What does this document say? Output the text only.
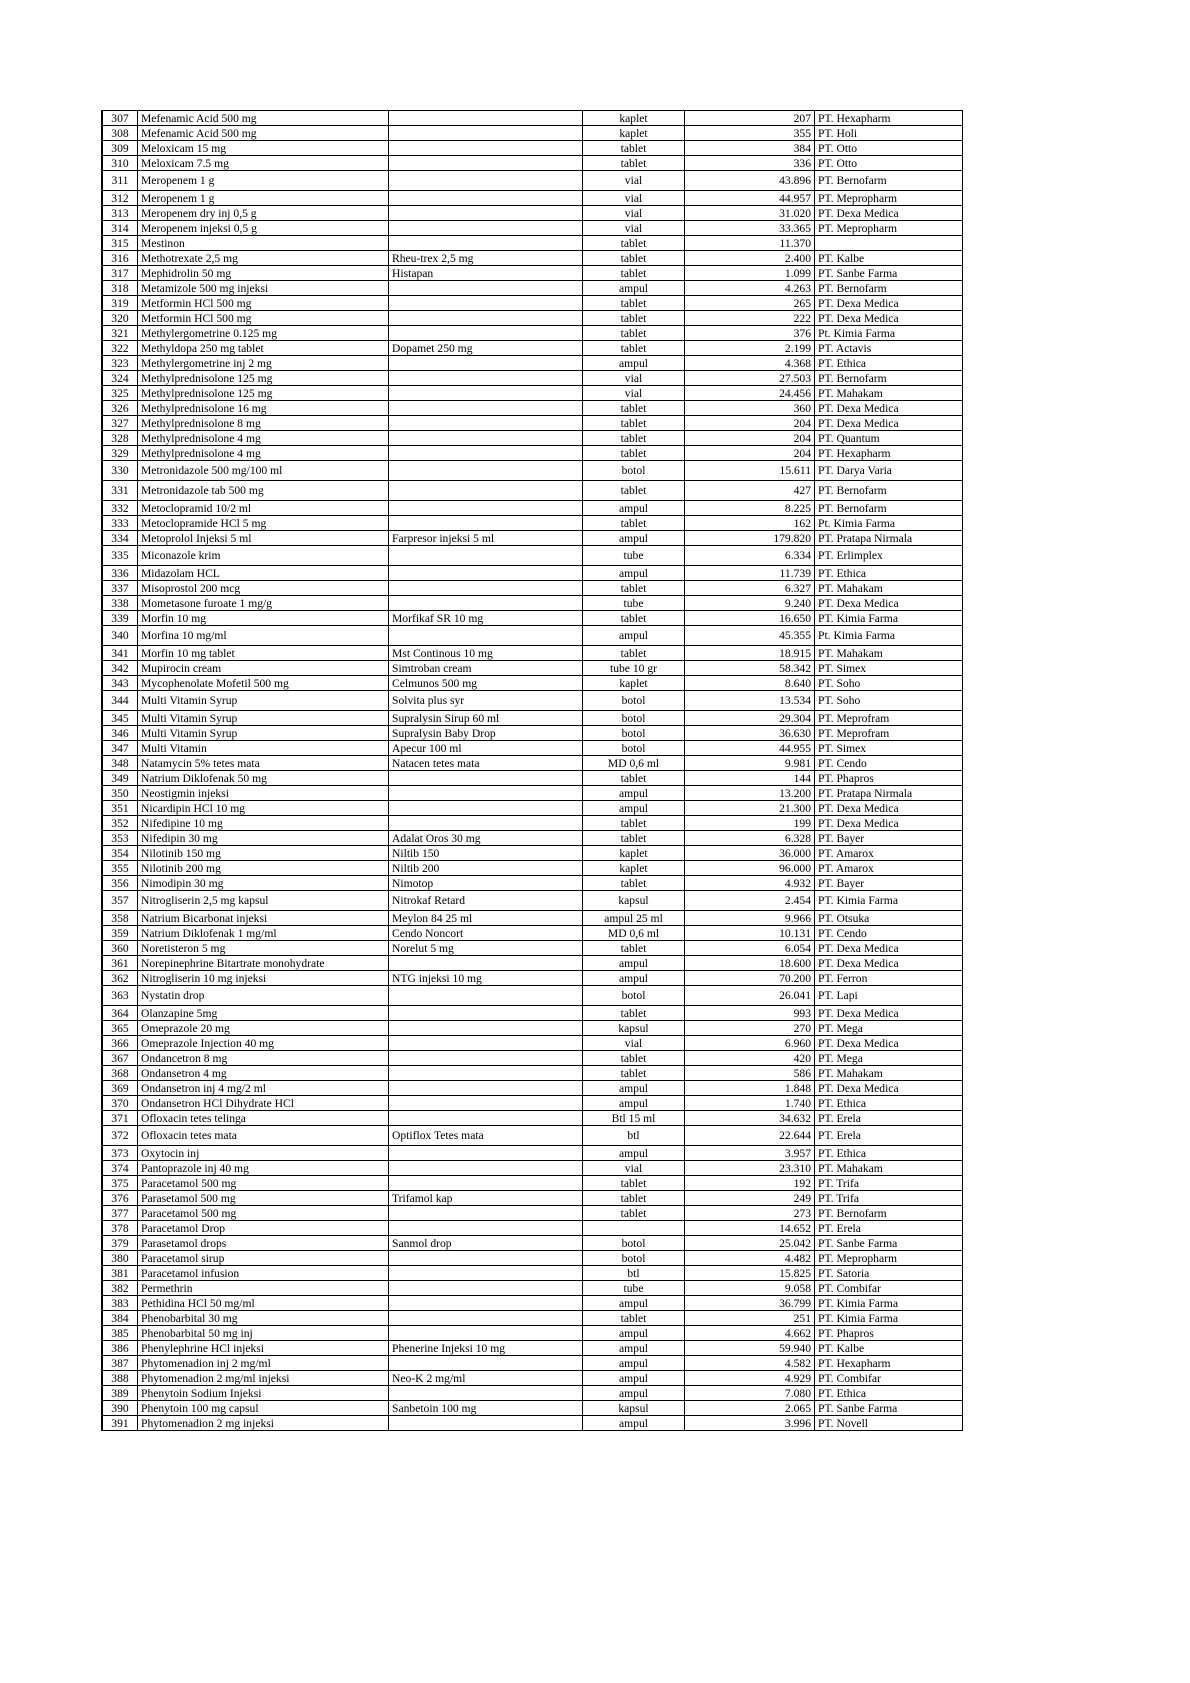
307	Mefenamic Acid 500 mg		kaplet	207	PT. Hexapharm
308	Mefenamic Acid 500 mg		kaplet	355	PT. Holi
309	Meloxicam 15 mg		tablet	384	PT. Otto
310	Meloxicam 7.5 mg		tablet	336	PT. Otto
311	Meropenem 1 g		vial	43.896	PT. Bernofarm
312	Meropenem 1 g		vial	44.957	PT. Mepropharm
313	Meropenem dry inj 0,5 g		vial	31.020	PT. Dexa Medica
314	Meropenem injeksi 0,5 g		vial	33.365	PT. Mepropharm
315	Mestinon		tablet	11.370	
316	Methotrexate 2,5 mg	Rheu-trex 2,5 mg	tablet	2.400	PT. Kalbe
317	Mephidrolin 50 mg	Histapan	tablet	1.099	PT. Sanbe Farma
318	Metamizole 500 mg injeksi		ampul	4.263	PT. Bernofarm
319	Metformin HCl 500 mg		tablet	265	PT. Dexa Medica
320	Metformin HCl 500 mg		tablet	222	PT. Dexa Medica
321	Methylergometrine 0.125 mg		tablet	376	Pt. Kimia Farma
322	Methyldopa 250 mg tablet	Dopamet 250 mg	tablet	2.199	PT. Actavis
323	Methylergometrine inj 2 mg		ampul	4.368	PT. Ethica
324	Methylprednisolone 125 mg		vial	27.503	PT. Bernofarm
325	Methylprednisolone 125 mg		vial	24.456	PT. Mahakam
326	Methylprednisolone 16 mg		tablet	360	PT. Dexa Medica
327	Methylprednisolone 8 mg		tablet	204	PT. Dexa Medica
328	Methylprednisolone 4 mg		tablet	204	PT. Quantum
329	Methylprednisolone 4 mg		tablet	204	PT. Hexapharm
330	Metronidazole 500 mg/100 ml		botol	15.611	PT. Darya Varia
331	Metronidazole tab 500 mg		tablet	427	PT. Bernofarm
332	Metoclopramid 10/2 ml		ampul	8.225	PT. Bernofarm
333	Metoclopramide HCl 5 mg		tablet	162	Pt. Kimia Farma
334	Metoprolol Injeksi 5 ml	Farpresor injeksi 5 ml	ampul	179.820	PT. Pratapa Nirmala
335	Miconazole krim		tube	6.334	PT. Erlimplex
336	Midazolam HCL		ampul	11.739	PT. Ethica
337	Misoprostol 200 mcg		tablet	6.327	PT. Mahakam
338	Mometasone furoate 1 mg/g		tube	9.240	PT. Dexa Medica
339	Morfin 10 mg	Morfikaf SR 10 mg	tablet	16.650	PT. Kimia Farma
340	Morfina 10 mg/ml		ampul	45.355	Pt. Kimia Farma
341	Morfin 10 mg tablet	Mst Continous 10 mg	tablet	18.915	PT. Mahakam
342	Mupirocin cream	Simtroban cream	tube 10 gr	58.342	PT. Simex
343	Mycophenolate Mofetil 500 mg	Celmunos 500 mg	kaplet	8.640	PT. Soho
344	Multi Vitamin Syrup	Solvita plus syr	botol	13.534	PT. Soho
345	Multi Vitamin Syrup	Supralysin Sirup 60 ml	botol	29.304	PT. Meprofram
346	Multi Vitamin Syrup	Supralysin Baby Drop	botol	36.630	PT. Meprofram
347	Multi Vitamin	Apecur 100 ml	botol	44.955	PT. Simex
348	Natamycin 5% tetes mata	Natacen tetes mata	MD 0,6 ml	9.981	PT. Cendo
349	Natrium Diklofenak 50 mg		tablet	144	PT. Phapros
350	Neostigmin injeksi		ampul	13.200	PT. Pratapa Nirmala
351	Nicardipin HCl 10 mg		ampul	21.300	PT. Dexa Medica
352	Nifedipine 10 mg		tablet	199	PT. Dexa Medica
353	Nifedipin 30 mg	Adalat Oros 30 mg	tablet	6.328	PT. Bayer
354	Nilotinib 150 mg	Niltib 150	kaplet	36.000	PT. Amarox
355	Nilotinib 200 mg	Niltib 200	kaplet	96.000	PT. Amarox
356	Nimodipin 30 mg	Nimotop	tablet	4.932	PT. Bayer
357	Nitrogliserin 2,5 mg kapsul	Nitrokaf Retard	kapsul	2.454	PT. Kimia Farma
358	Natrium Bicarbonat injeksi	Meylon 84 25 ml	ampul 25 ml	9.966	PT. Otsuka
359	Natrium Diklofenak 1 mg/ml	Cendo Noncort	MD 0,6 ml	10.131	PT. Cendo
360	Noretisteron 5 mg	Norelut 5 mg	tablet	6.054	PT. Dexa Medica
361	Norepinephrine Bitartrate monohydrate		ampul	18.600	PT. Dexa Medica
362	Nitrogliserin 10 mg injeksi	NTG injeksi 10 mg	ampul	70.200	PT. Ferron
363	Nystatin drop		botol	26.041	PT. Lapi
364	Olanzapine 5mg		tablet	993	PT. Dexa Medica
365	Omeprazole 20 mg		kapsul	270	PT. Mega
366	Omeprazole Injection 40 mg		vial	6.960	PT. Dexa Medica
367	Ondancetron 8 mg		tablet	420	PT. Mega
368	Ondansetron 4 mg		tablet	586	PT. Mahakam
369	Ondansetron inj 4 mg/2 ml		ampul	1.848	PT. Dexa Medica
370	Ondansetron HCl Dihydrate HCl		ampul	1.740	PT. Ethica
371	Ofloxacin tetes telinga		Btl 15 ml	34.632	PT. Erela
372	Ofloxacin tetes mata	Optiflox Tetes mata	btl	22.644	PT. Erela
373	Oxytocin inj		ampul	3.957	PT. Ethica
374	Pantoprazole inj 40 mg		vial	23.310	PT. Mahakam
375	Paracetamol 500 mg		tablet	192	PT. Trifa
376	Parasetamol 500 mg	Trifamol kap	tablet	249	PT. Trifa
377	Paracetamol 500 mg		tablet	273	PT. Bernofarm
378	Paracetamol Drop			14.652	PT. Erela
379	Parasetamol drops	Sanmol drop	botol	25.042	PT. Sanbe Farma
380	Paracetamol sirup		botol	4.482	PT. Mepropharm
381	Paracetamol infusion		btl	15.825	PT. Satoria
382	Permethrin		tube	9.058	PT. Combifar
383	Pethidina HCl 50 mg/ml		ampul	36.799	PT. Kimia Farma
384	Phenobarbital 30 mg		tablet	251	PT. Kimia Farma
385	Phenobarbital 50 mg inj		ampul	4.662	PT. Phapros
386	Phenylephrine HCl injeksi	Phenerine Injeksi 10 mg	ampul	59.940	PT. Kalbe
387	Phytomenadion inj 2 mg/ml		ampul	4.582	PT. Hexapharm
388	Phytomenadion 2 mg/ml injeksi	Neo-K 2 mg/ml	ampul	4.929	PT. Combifar
389	Phenytoin Sodium Injeksi		ampul	7.080	PT. Ethica
390	Phenytoin 100 mg capsul	Sanbetoin 100 mg	kapsul	2.065	PT. Sanbe Farma
391	Phytomenadion 2 mg injeksi		ampul	3.996	PT. Novell
